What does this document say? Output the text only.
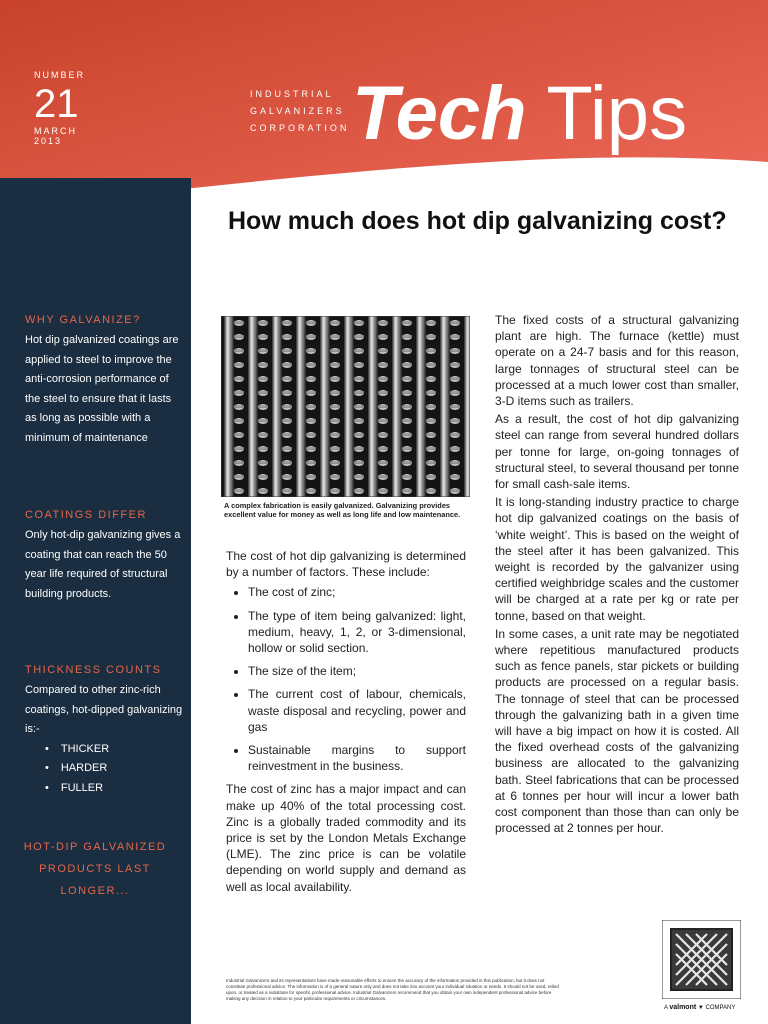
NUMBER
21
MARCH
2013
INDUSTRIAL
GALVANIZERS
CORPORATION Tech Tips
How much does hot dip galvanizing cost?
WHY GALVANIZE?
Hot dip galvanized coatings are applied to steel to improve the anti-corrosion performance of the steel to ensure that it lasts as long as possible with a minimum of maintenance
COATINGS DIFFER
Only hot-dip galvanizing gives a coating that can reach the 50 year life required of structural building products.
THICKNESS COUNTS
Compared to other zinc-rich coatings, hot-dipped galvanizing is:-
• THICKER
• HARDER
• FULLER
HOT-DIP GALVANIZED
PRODUCTS LAST
LONGER...
A complex fabrication is easily galvanized. Galvanizing provides excellent value for money as well as long life and low maintenance.

The cost of hot dip galvanizing is determined by a number of factors. These include:

• The cost of zinc;
• The type of item being galvanized: light, medium, heavy, 1, 2, or 3-dimensional, hollow or solid section.
• The size of the item;
• The current cost of labour, chemicals, waste disposal and recycling, power and gas
• Sustainable margins to support reinvestment in the business.

The cost of zinc has a major impact and can make up 40% of the total processing cost. Zinc is a globally traded commodity and its price is set by the London Metals Exchange (LME). The zinc price is can be volatile depending on world supply and demand as well as local availability.

The fixed costs of a structural galvanizing plant are high. The furnace (kettle) must operate on a 24-7 basis and for this reason, large tonnages of structural steel can be processed at a much lower cost than smaller, 3-D items such as trailers.

As a result, the cost of hot dip galvanizing steel can range from several hundred dollars per tonne for large, on-going tonnages of structural steel, to several thousand per tonne for small cash-sale items.

It is long-standing industry practice to charge hot dip galvanized coatings on the basis of ‘white weight’. This is based on the weight of the steel after it has been galvanized. This weight is recorded by the galvanizer using certified weighbridge scales and the customer will be charged at a rate per kg or rate per tonne, based on that weight.

In some cases, a unit rate may be negotiated where repetitious manufactured products such as fence panels, star pickets or building products are processed on a regular basis. The tonnage of steel that can be processed through the galvanizing bath in a given time will have a big impact on how it is costed. All the fixed overhead costs of the galvanizing business are allocated to the galvanizing bath. Steel fabrications that can be processed at 6 tonnes per hour will incur a lower bath cost component than those than can only be processed at 2 tonnes per hour.

Industrial Galvanizers and its representatives have made reasonable efforts to ensure the accuracy of the information provided in this publication, but it does not constitute professional advice. The information is of a general nature only and does not take into account your individual situation or needs. It should not be used, relied upon, or treated as a substitute for specific professional advice. Industrial Galvanizers recommend that you obtain your own independent professional advice before making any decision in relation to your particular requirements or circumstances.
A valmont ▼ COMPANY
